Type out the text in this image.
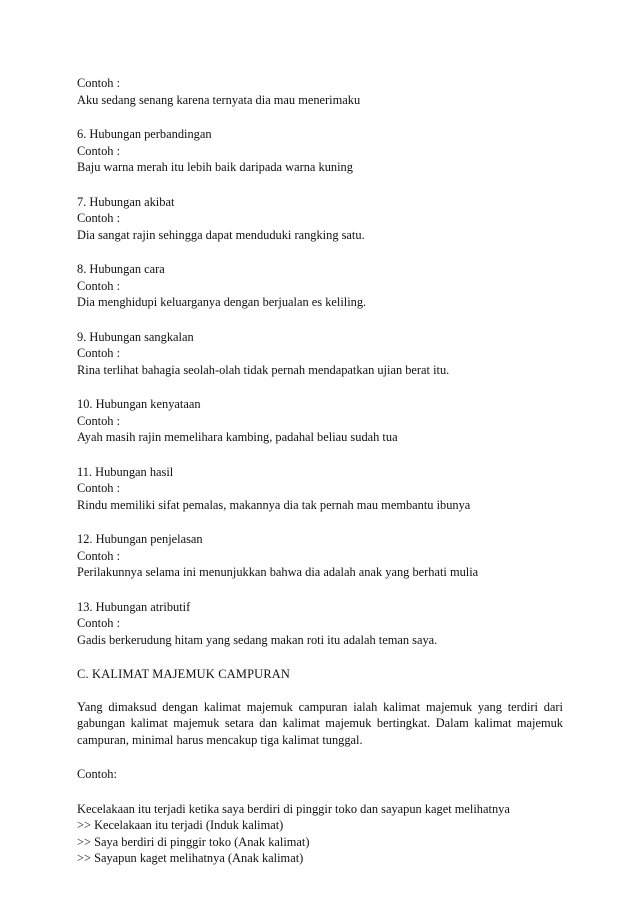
Contoh :
Aku sedang senang karena ternyata dia mau menerimaku
6. Hubungan perbandingan
Contoh :
Baju warna merah itu lebih baik daripada warna kuning
7. Hubungan akibat
Contoh :
Dia sangat rajin sehingga dapat menduduki rangking satu.
8. Hubungan cara
Contoh :
Dia menghidupi keluarganya dengan berjualan es keliling.
9. Hubungan sangkalan
Contoh :
Rina terlihat bahagia seolah-olah tidak pernah mendapatkan ujian berat itu.
10. Hubungan kenyataan
Contoh :
Ayah masih rajin memelihara kambing, padahal beliau sudah tua
11. Hubungan hasil
Contoh :
Rindu memiliki sifat pemalas, makannya dia tak pernah mau membantu ibunya
12. Hubungan penjelasan
Contoh :
Perilakunnya selama ini menunjukkan bahwa dia adalah anak yang berhati mulia
13. Hubungan atributif
Contoh :
Gadis berkerudung hitam yang sedang makan roti itu adalah teman saya.
C. KALIMAT MAJEMUK CAMPURAN
Yang dimaksud dengan kalimat majemuk campuran ialah kalimat majemuk yang terdiri dari gabungan kalimat majemuk setara dan kalimat majemuk bertingkat. Dalam kalimat majemuk campuran, minimal harus mencakup tiga kalimat tunggal.
Contoh:
Kecelakaan itu terjadi ketika saya berdiri di pinggir toko dan sayapun kaget melihatnya
>> Kecelakaan itu terjadi (Induk kalimat)
>> Saya berdiri di pinggir toko (Anak kalimat)
>> Sayapun kaget melihatnya (Anak kalimat)
